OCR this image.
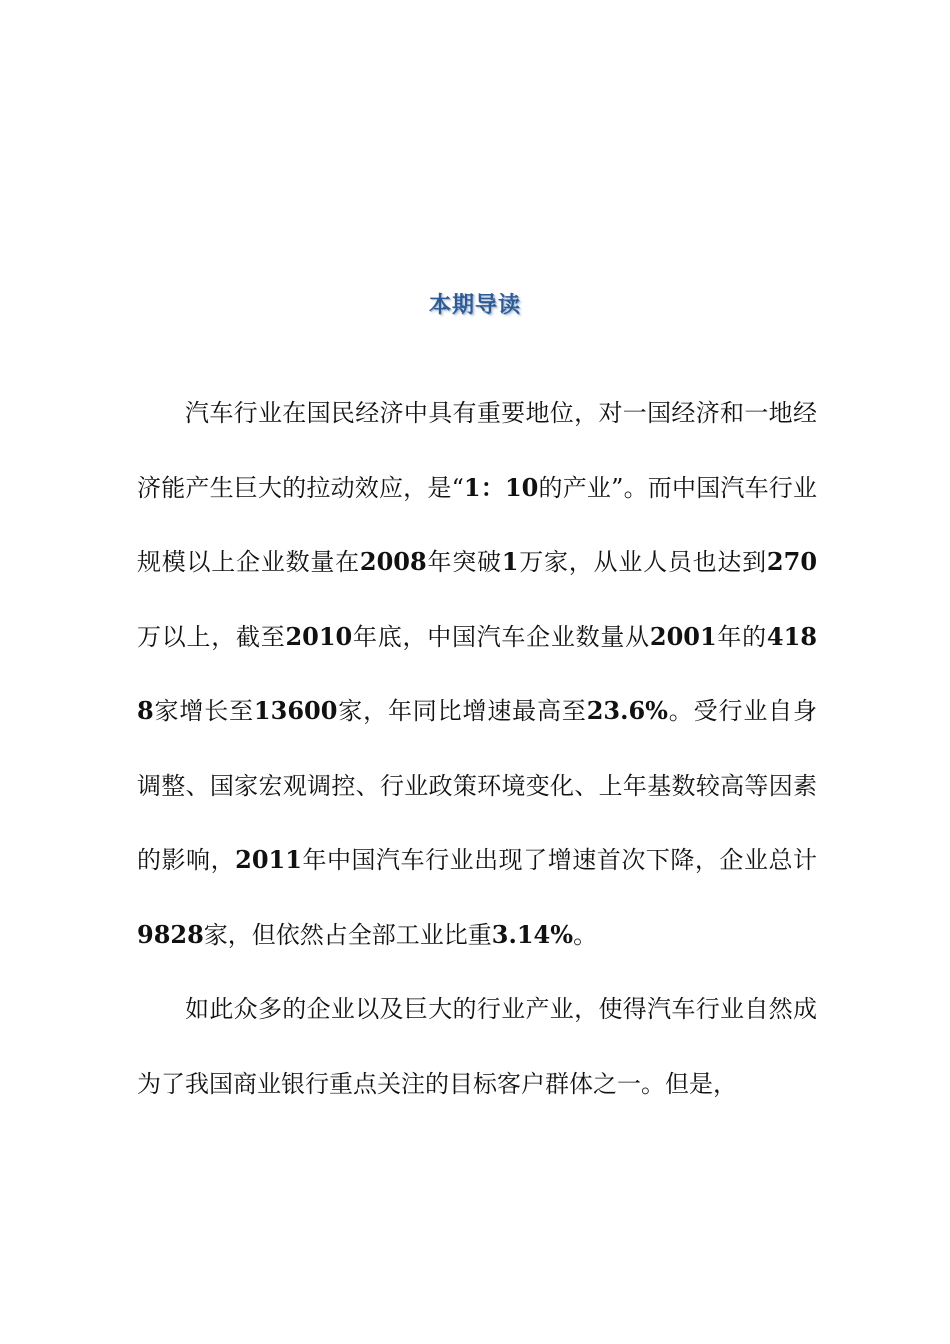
本期导读

汽车行业在国民经济中具有重要地位，对一国经济和一地经济能产生巨大的拉动效应，是“1：10的产业”。而中国汽车行业规模以上企业数量在2008年突破1万家，从业人员也达到270万以上，截至2010年底，中国汽车企业数量从2001年的4188家增长至13600家，年同比增速最高至23.6%。受行业自身调整、国家宏观调控、行业政策环境变化、上年基数较高等因素的影响，2011年中国汽车行业出现了增速首次下降，企业总计9828家，但依然占全部工业比重3.14%。

如此众多的企业以及巨大的行业产业，使得汽车行业自然成为了我国商业银行重点关注的目标客户群体之一。但是，
